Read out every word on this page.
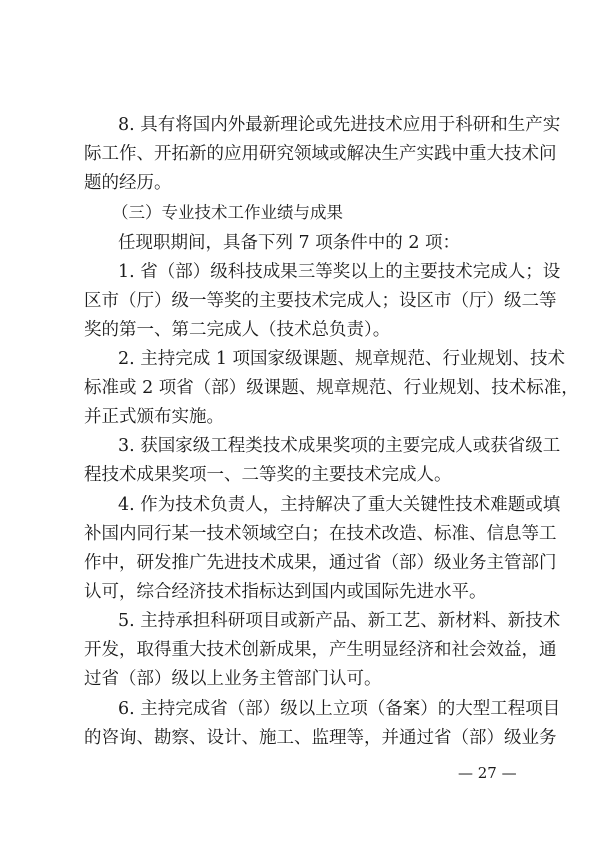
8. 具有将国内外最新理论或先进技术应用于科研和生产实
际工作、开拓新的应用研究领域或解决生产实践中重大技术问
题的经历。
（三）专业技术工作业绩与成果
任现职期间，具备下列 7 项条件中的 2 项：
1. 省（部）级科技成果三等奖以上的主要技术完成人；设
区市（厅）级一等奖的主要技术完成人；设区市（厅）级二等
奖的第一、第二完成人（技术总负责）。
2. 主持完成 1 项国家级课题、规章规范、行业规划、技术
标准或 2 项省（部）级课题、规章规范、行业规划、技术标准，
并正式颁布实施。
3. 获国家级工程类技术成果奖项的主要完成人或获省级工
程技术成果奖项一、二等奖的主要技术完成人。
4. 作为技术负责人，主持解决了重大关键性技术难题或填
补国内同行某一技术领域空白；在技术改造、标准、信息等工
作中，研发推广先进技术成果，通过省（部）级业务主管部门
认可，综合经济技术指标达到国内或国际先进水平。
5. 主持承担科研项目或新产品、新工艺、新材料、新技术
开发，取得重大技术创新成果，产生明显经济和社会效益，通
过省（部）级以上业务主管部门认可。
6. 主持完成省（部）级以上立项（备案）的大型工程项目
的咨询、勘察、设计、施工、监理等，并通过省（部）级业务
— 27 —
